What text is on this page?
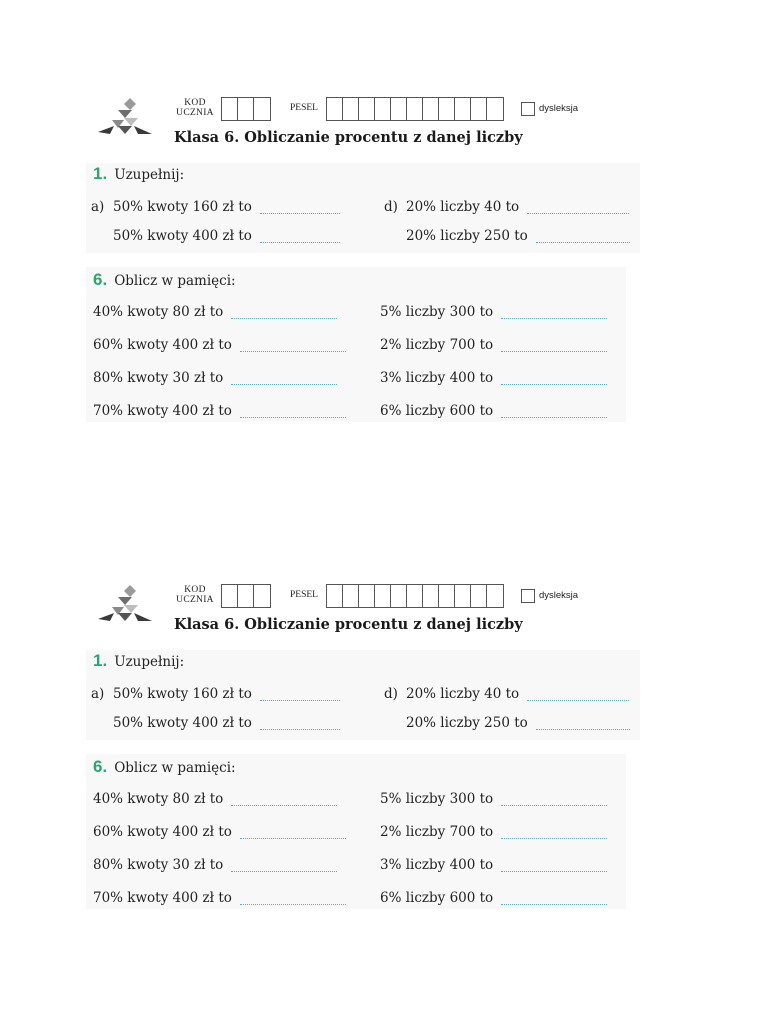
KOD
UCZNIA	PESEL	dysleksja
Klasa 6. Obliczanie procentu z danej liczby
1. Uzupełnij:
a) 50% kwoty 160 zł to
50% kwoty 400 zł to
d) 20% liczby 40 to
20% liczby 250 to
6. Oblicz w pamięci:
40% kwoty 80 zł to
60% kwoty 400 zł to
80% kwoty 30 zł to
70% kwoty 400 zł to
5% liczby 300 to
2% liczby 700 to
3% liczby 400 to
6% liczby 600 to
KOD
UCZNIA	PESEL	dysleksja
Klasa 6. Obliczanie procentu z danej liczby
1. Uzupełnij:
a) 50% kwoty 160 zł to
50% kwoty 400 zł to
d) 20% liczby 40 to
20% liczby 250 to
6. Oblicz w pamięci:
40% kwoty 80 zł to
60% kwoty 400 zł to
80% kwoty 30 zł to
70% kwoty 400 zł to
5% liczby 300 to
2% liczby 700 to
3% liczby 400 to
6% liczby 600 to
